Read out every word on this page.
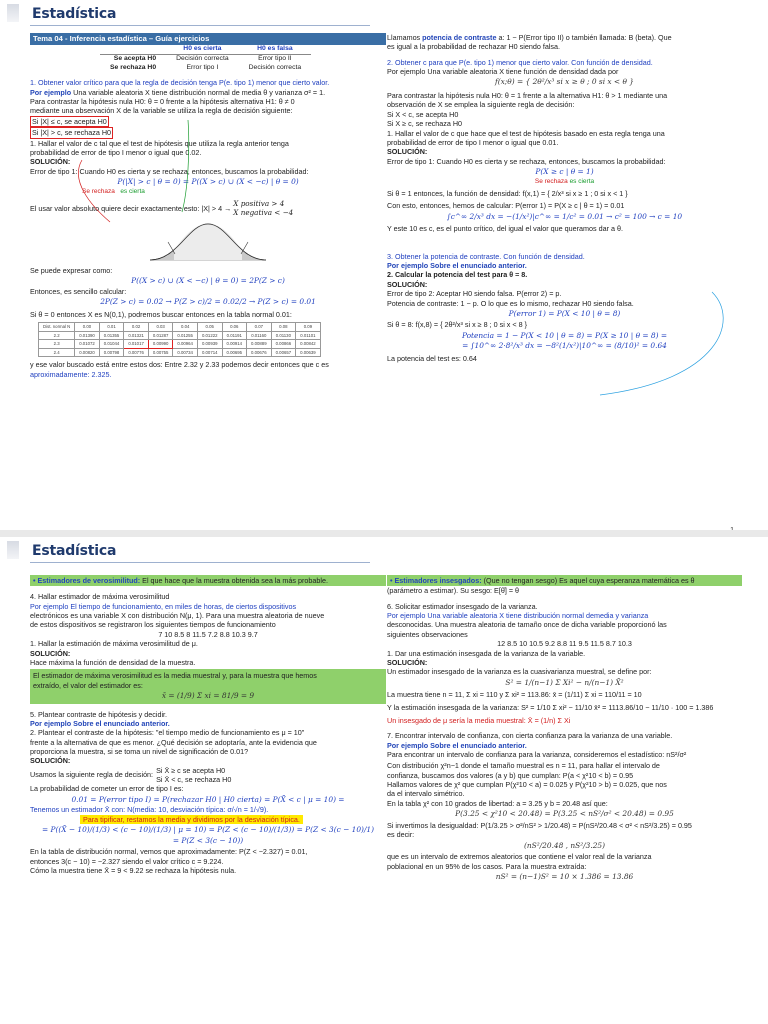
Estadística
Tema 04 - Inferencia estadística – Guía ejercicios
	H0 es cierta	H0 es falsa
Se acepta H0	Decisión correcta	Error tipo II
Se rechaza H0	Error tipo I	Decisión correcta

1. Obtener valor crítico para que la regla de decisión tenga P(e. tipo 1) menor que cierto valor.

Por ejemplo Una variable aleatoria X tiene distribución normal de media θ y varianza σ² = 1.

Para contrastar la hipótesis nula H0: θ = 0 frente a la hipótesis alternativa H1: θ ≠ 0

mediante una observación X de la variable se utiliza la regla de decisión siguiente:

Si |X| ≤ c, se acepta H0

Si |X| > c, se rechaza H0

1. Hallar el valor de c tal que el test de hipótesis que utiliza la regla anterior tenga

probabilidad de error de tipo I menor o igual que 0.02.

SOLUCIÓN:

Error de tipo 1: Cuando H0 es cierta y se rechaza, entonces, buscamos la probabilidad:

P(|X| > c | θ = 0) = P((X > c) ∪ (X < −c) | θ = 0)

Se rechaza es cierta

El usar valor absoluto quiere decir exactamente esto: |X| > 4 →
X positiva > 4
X negativa < −4

Se puede expresar como:

P((X > c) ∪ (X < −c) | θ = 0) = 2P(Z > c)

Entonces, es sencillo calcular:

2P(Z > c) = 0.02 → P(Z > c)/2 = 0.02/2 → P(Z > c) = 0.01

Si θ = 0 entonces X es N(0,1), podremos buscar entonces en la tabla normal 0.01:

Dist. normal N	0.00	0.01	0.02	0.03	0.04	0.05	0.06	0.07	0.08	0.09
2.2	0.01390	0.01355	0.01321	0.01287	0.01255	0.01222	0.01191	0.01160	0.01130	0.01101
2.3	0.01072	0.01044	0.01017	0.00990	0.00964	0.00939	0.00914	0.00889	0.00866	0.00842
2.4	0.00820	0.00798	0.00776	0.00755	0.00734	0.00714	0.00695	0.00676	0.00657	0.00639

y ese valor buscado está entre estos dos: Entre 2.32 y 2.33 podemos decir entonces que c es

aproximadamente: 2.325.

Llamamos potencia de contraste a: 1 − P(Error tipo II) o también llamada: B (beta). Que

es igual a la probabilidad de rechazar H0 siendo falsa.

2. Obtener c para que P(e. tipo 1) menor que cierto valor. Con función de densidad.

Por ejemplo Una variable aleatoria X tiene función de densidad dada por

f(x;θ) = { 2θ²/x³ si x ≥ θ ; 0 si x < θ }

Para contrastar la hipótesis nula H0: θ = 1 frente a la alternativa H1: θ > 1 mediante una

observación de X se emplea la siguiente regla de decisión:

Si X < c, se acepta H0

Si X ≥ c, se rechaza H0

1. Hallar el valor de c que hace que el test de hipótesis basado en esta regla tenga una

probabilidad de error de tipo I menor o igual que 0.01.

SOLUCIÓN:

Error de tipo 1: Cuando H0 es cierta y se rechaza, entonces, buscamos la probabilidad:

P(X ≥ c | θ = 1)

Se rechaza es cierta

Si θ = 1 entonces, la función de densidad: f(x,1) = { 2/x³ si x ≥ 1 ; 0 si x < 1 }

Con esto, entonces, hemos de calcular: P(error 1) = P(X ≥ c | θ = 1) = 0.01

∫c^∞ 2/x³ dx = −(1/x²)|c^∞ = 1/c² = 0.01 → c² = 100 → c = 10

Y este 10 es c, es el punto crítico, del igual el valor que queramos dar a θ.

3. Obtener la potencia de contraste. Con función de densidad.

Por ejemplo Sobre el enunciado anterior.

2. Calcular la potencia del test para θ = 8.

SOLUCIÓN:

Error de tipo 2: Aceptar H0 siendo falsa. P(error 2) = p.

Potencia de contraste: 1 − p. O lo que es lo mismo, rechazar H0 siendo falsa.

P(error 1) = P(X < 10 | θ = 8)

Si θ = 8: f(x,8) = { 2θ²/x³ si x ≥ 8 ; 0 si x < 8 }

Potencia = 1 − P(X < 10 | θ = 8) = P(X ≥ 10 | θ = 8) =

= ∫10^∞ 2·8²/x³ dx = −8²(1/x²)|10^∞ = (8/10)² = 0.64

La potencia del test es: 0.64

Estadística

• Estimadores de verosimilitud: El que hace que la muestra obtenida sea la más probable.

4. Hallar estimador de máxima verosimilitud

Por ejemplo El tiempo de funcionamiento, en miles de horas, de ciertos dispositivos

electrónicos es una variable X con distribución N(μ, 1). Para una muestra aleatoria de nueve

de estos dispositivos se registraron los siguientes tiempos de funcionamiento

7 10 8.5 8 11.5 7.2 8.8 10.3 9.7

1. Hallar la estimación de máxima verosimilitud de μ.

SOLUCIÓN:

Hace máxima la función de densidad de la muestra.

El estimador de máxima verosimilitud es la media muestral y, para la muestra que hemos

extraído, el valor del estimador es:

x̄ = (1/9) Σ xi = 81/9 = 9

5. Plantear contraste de hipótesis y decidir.

Por ejemplo Sobre el enunciado anterior.

2. Plantear el contraste de la hipótesis: "el tiempo medio de funcionamiento es μ = 10"

frente a la alternativa de que es menor. ¿Qué decisión se adoptaría, ante la evidencia que

proporciona la muestra, si se toma un nivel de significación de 0.01?

SOLUCIÓN:

Usamos la siguiente regla de decisión:
Si X̄ ≥ c se acepta H0
Si X̄ < c, se rechaza H0

La probabilidad de cometer un error de tipo I es:

0.01 = P(error tipo I) = P(rechazar H0 | H0 cierta) = P(X̄ < c | μ = 10) =

Tenemos un estimador X̄ con: N(media: 10, desviación típica: σ/√n = 1/√9).

Para tipificar, restamos la media y dividimos por la desviación típica.

= P((X̄ − 10)/(1/3) < (c − 10)/(1/3) | μ = 10) = P(Z < (c − 10)/(1/3)) = P(Z < 3(c − 10)/1)

= P(Z < 3(c − 10))

En la tabla de distribución normal, vemos que aproximadamente: P(Z < −2.327) = 0.01,

entonces 3(c − 10) = −2.327 siendo el valor crítico c = 9.224.

Cómo la muestra tiene X̄ = 9 < 9.22 se rechaza la hipótesis nula.

• Estimadores insesgados: (Que no tengan sesgo) Es aquel cuya esperanza matemática es θ

(parámetro a estimar). Su sesgo: E[θ̂] = θ

6. Solicitar estimador insesgado de la varianza.

Por ejemplo Una variable aleatoria X tiene distribución normal demedia y varianza

desconocidas. Una muestra aleatoria de tamaño once de dicha variable proporcionó las

siguientes observaciones

12 8.5 10 10.5 9.2 8.8 11 9.5 11.5 8.7 10.3

1. Dar una estimación insesgada de la varianza de la variable.

SOLUCIÓN:

Un estimador insesgado de la varianza es la cuasivarianza muestral, se define por:

S² = 1/(n−1) Σ Xi² − n/(n−1) X̄²

La muestra tiene n = 11, Σ xi = 110 y Σ xi² = 113.86: x̄ = (1/11) Σ xi = 110/11 = 10

Y la estimación insesgada de la varianza: S² = 1/10 Σ xi² − 11/10 x̄² = 1113.86/10 − 11/10 · 100 = 1.386

Un insesgado de μ sería la media muestral: X̄ = (1/n) Σ Xi

7. Encontrar intervalo de confianza, con cierta confianza para la varianza de una variable.

Por ejemplo Sobre el enunciado anterior.

Para encontrar un intervalo de confianza para la varianza, consideremos el estadístico: nS²/σ²

Con distribución χ²n−1 donde el tamaño muestral es n = 11, para hallar el intervalo de

confianza, buscamos dos valores (a y b) que cumplan: P(a < χ²10 < b) = 0.95

Hallamos valores de χ² que cumplan P(χ²10 < a) = 0.025 y P(χ²10 > b) = 0.025, que nos

da el intervalo simétrico.

En la tabla χ² con 10 grados de libertad: a = 3.25 y b = 20.48 así que:

P(3.25 < χ²10 < 20.48) = P(3.25 < nS²/σ² < 20.48) = 0.95

Si invertimos la desigualdad: P(1/3.25 > σ²/nS² > 1/20.48) = P(nS²/20.48 < σ² < nS²/3.25) = 0.95

es decir:

(nS²/20.48 , nS²/3.25)

que es un intervalo de extremos aleatorios que contiene el valor real de la varianza

poblacional en un 95% de los casos. Para la muestra extraída:

nS² = (n−1)S² = 10 × 1.386 = 13.86
